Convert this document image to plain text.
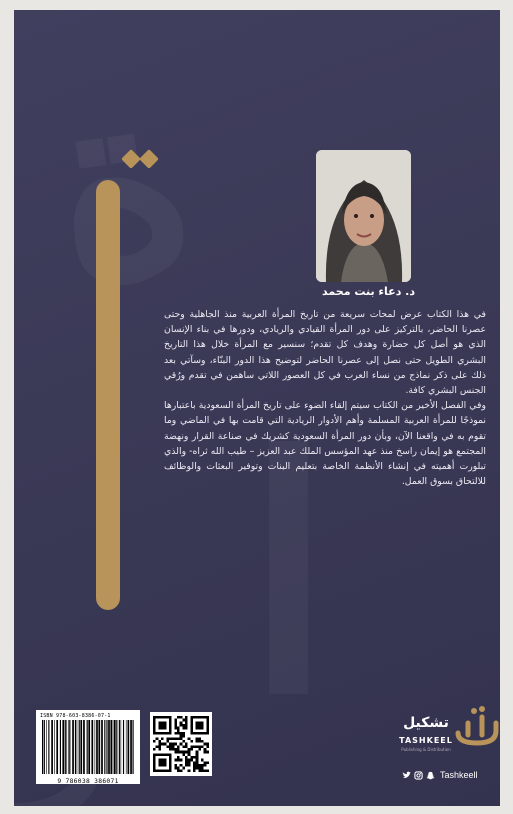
د. دعاء بنت محمد

في هذا الكتاب عرض لمحات سريعة من تاريخ المرأة العربية منذ الجاهلية وحتى عصرنا الحاضر، بالتركيز على دور المرأة القيادي والريادي، ودورها في بناء الإنسان الذي هو أصل كل حضارة وهدف كل تقدم؛ سنسير مع المرأة خلال هذا التاريخ البشري الطويل حتى نصل إلى عصرنا الحاضر لتوضيح هذا الدور البنّاء، وسآتي بعد ذلك على ذكر نماذج من نساء العرب في كل العصور اللاتي ساهمن في تقدم ورُقي الجنس البشري كافة.

وفي الفصل الأخير من الكتاب سيتم إلقاء الضوء على تاريخ المرأة السعودية باعتبارها نموذجًا للمرأة العربية المسلمة وأهم الأدوار الريادية التي قامت بها في الماضي وما تقوم به في واقعنا الآن، وبأن دور المرأة السعودية كشريك في صناعة القرار ونهضة المجتمع هو إيمان راسخ منذ عهد المؤسس الملك عبد العزيز – طيب الله ثراه- والذي تبلورت أهميته في إنشاء الأنظمة الخاصة بتعليم البنات وتوفير البعثات والوظائف للالتحاق بسوق العمل.

ISBN 978-603-8386-07-1
9 786038 386071
تشكيل
TASHKEEL
Publishing & Distribution
Tashkeell
